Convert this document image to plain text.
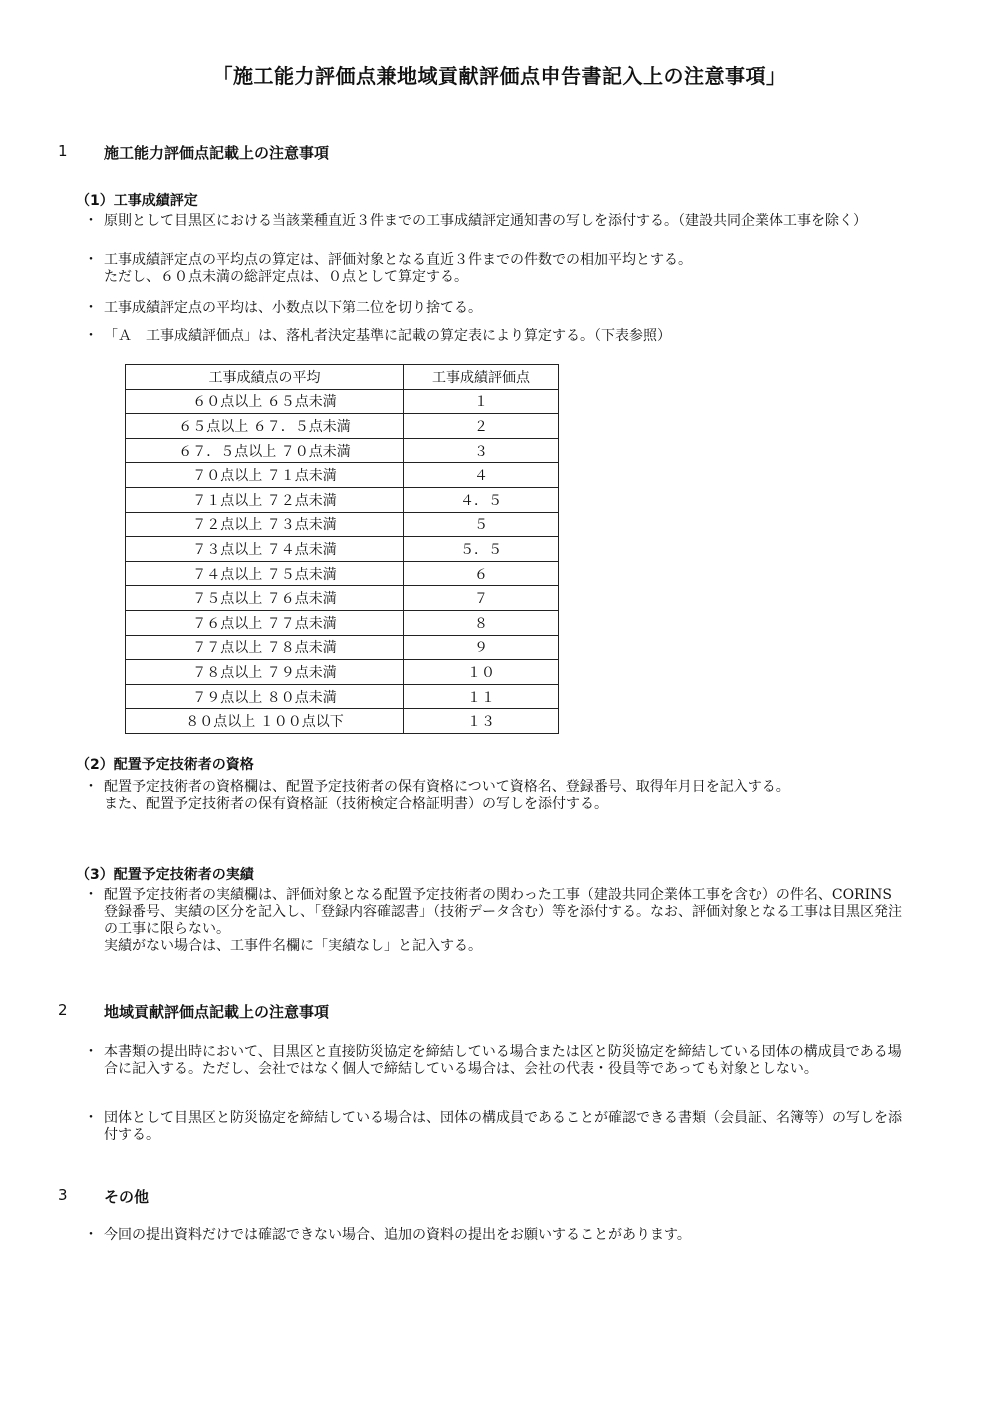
「施工能力評価点兼地域貢献評価点申告書記入上の注意事項」
1	施工能力評価点記載上の注意事項
（1）工事成績評定
・ 原則として目黒区における当該業種直近３件までの工事成績評定通知書の写しを添付する。（建設共同企業体工事を除く）
・ 工事成績評定点の平均点の算定は、評価対象となる直近３件までの件数での相加平均とする。
ただし、６０点未満の総評定点は、０点として算定する。
・ 工事成績評定点の平均は、小数点以下第二位を切り捨てる。
・ 「Ａ　工事成績評価点」は、落札者決定基準に記載の算定表により算定する。（下表参照）
工事成績点の平均	工事成績評価点
６０点以上 ６５点未満	１
６５点以上 ６７．５点未満	２
６７．５点以上 ７０点未満	３
７０点以上 ７１点未満	４
７１点以上 ７２点未満	４．５
７２点以上 ７３点未満	５
７３点以上 ７４点未満	５．５
７４点以上 ７５点未満	６
７５点以上 ７６点未満	７
７６点以上 ７７点未満	８
７７点以上 ７８点未満	９
７８点以上 ７９点未満	１０
７９点以上 ８０点未満	１１
８０点以上 １００点以下	１３
（2）配置予定技術者の資格
・ 配置予定技術者の資格欄は、配置予定技術者の保有資格について資格名、登録番号、取得年月日を記入する。
また、配置予定技術者の保有資格証（技術検定合格証明書）の写しを添付する。
（3）配置予定技術者の実績
・ 配置予定技術者の実績欄は、評価対象となる配置予定技術者の関わった工事（建設共同企業体工事を含む）の件名、CORINS登録番号、実績の区分を記入し、「登録内容確認書」（技術データ含む）等を添付する。なお、評価対象となる工事は目黒区発注の工事に限らない。
実績がない場合は、工事件名欄に「実績なし」と記入する。
2	地域貢献評価点記載上の注意事項
・ 本書類の提出時において、目黒区と直接防災協定を締結している場合または区と防災協定を締結している団体の構成員である場合に記入する。ただし、会社ではなく個人で締結している場合は、会社の代表・役員等であっても対象としない。
・ 団体として目黒区と防災協定を締結している場合は、団体の構成員であることが確認できる書類（会員証、名簿等）の写しを添付する。
3	その他
・ 今回の提出資料だけでは確認できない場合、追加の資料の提出をお願いすることがあります。
